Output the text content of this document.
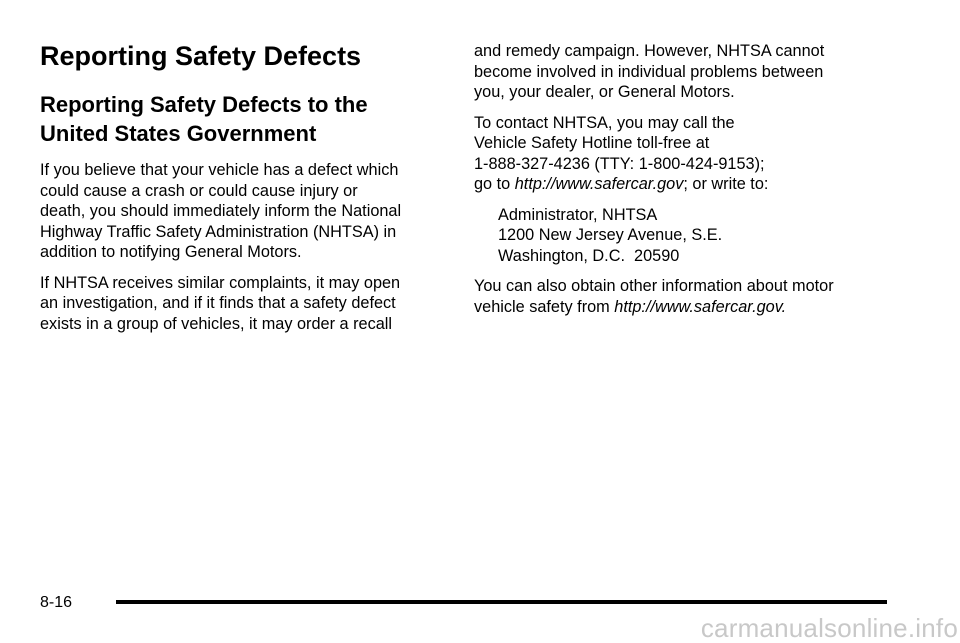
Reporting Safety Defects
Reporting Safety Defects to the
United States Government
If you believe that your vehicle has a defect which
could cause a crash or could cause injury or
death, you should immediately inform the National
Highway Traffic Safety Administration (NHTSA) in
addition to notifying General Motors.
If NHTSA receives similar complaints, it may open
an investigation, and if it finds that a safety defect
exists in a group of vehicles, it may order a recall
and remedy campaign. However, NHTSA cannot
become involved in individual problems between
you, your dealer, or General Motors.
To contact NHTSA, you may call the
Vehicle Safety Hotline toll-free at
1-888-327-4236 (TTY: 1-800-424-9153);
go to http://www.safercar.gov; or write to:
Administrator, NHTSA
1200 New Jersey Avenue, S.E.
Washington, D.C.  20590
You can also obtain other information about motor
vehicle safety from http://www.safercar.gov.
8-16
carmanualsonline.info
